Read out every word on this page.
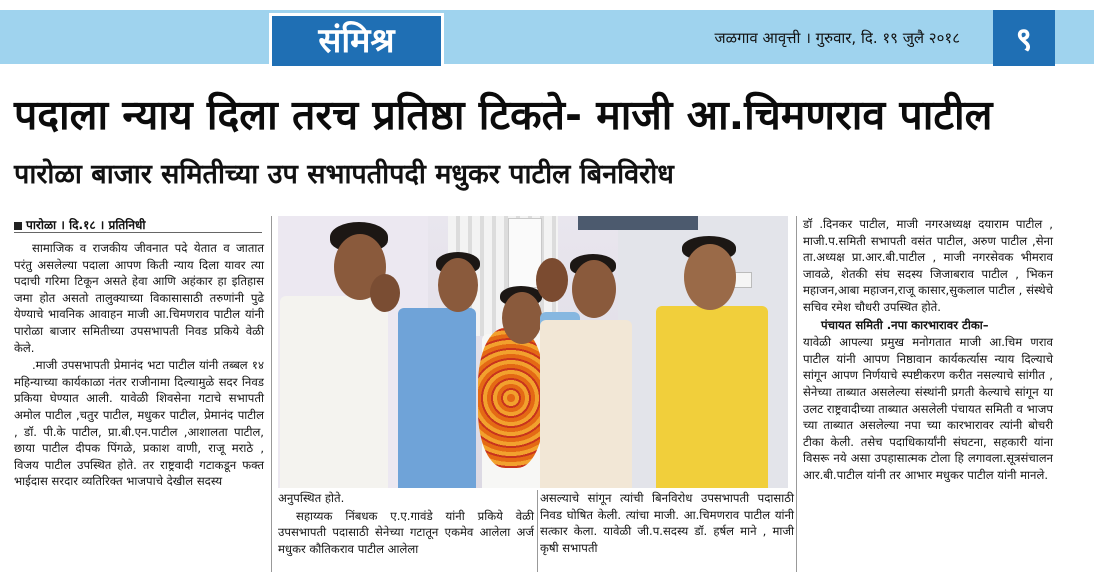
संमिश्र	जळगाव आवृत्ती । गुरुवार, दि. १९ जुलै २०१८	९
पदाला न्याय दिला तरच प्रतिष्ठा टिकते- माजी आ.चिमणराव पाटील
पारोळा बाजार समितीच्या उप सभापतीपदी मधुकर पाटील बिनविरोध
पारोळा । दि.१८ । प्रतिनिधी

सामाजिक व राजकीय जीवनात पदे येतात व जातात परंतु असलेल्या पदाला आपण किती न्याय दिला यावर त्या पदाची गरिमा टिकून असते हेवा आणि अहंकार हा इतिहास जमा होत असतो तालुक्याच्या विकासासाठी तरुणांनी पुढे येण्याचे भावनिक आवाहन माजी आ.चिमणराव पाटील यांनी पारोळा बाजार समितीच्या उपसभापती निवड प्रकिये वेळी केले.

.माजी उपसभापती प्रेमानंद भटा पाटील यांनी तब्बल १४ महिन्याच्या कार्यकाळा नंतर राजीनामा दिल्यामुळे सदर निवड प्रकिया घेण्यात आली. यावेळी शिवसेना गटाचे सभापती अमोल पाटील ,चतुर पाटील, मधुकर पाटील, प्रेमानंद पाटील , डॉ. पी.के पाटील, प्रा.बी.एन.पाटील ,आशालता पाटील, छाया पाटील दीपक पिंगळे, प्रकाश वाणी, राजू मराठे , विजय पाटील उपस्थित होते. तर राष्ट्रवादी गटाकडून फक्त भाईदास सरदार व्यतिरिक्त भाजपाचे देखील सदस्य

अनुपस्थित होते.

सहाय्यक निंबधक ए.ए.गावंडे यांनी प्रकिये वेळी उपसभापती पदासाठी सेनेच्या गटातून एकमेव आलेला अर्ज मधुकर कौतिकराव पाटील आलेला

असल्याचे सांगून त्यांची बिनविरोध उपसभापती पदासाठी निवड घोषित केली. त्यांचा माजी. आ.चिमणराव पाटील यांनी सत्कार केला. यावेळी जी.प.सदस्य डॉ. हर्षल माने , माजी कृषी सभापती

डॉ .दिनकर पाटील, माजी नगरअध्यक्ष दयाराम पाटील , माजी.प.समिती सभापती वसंत पाटील, अरुण पाटील ,सेना ता.अध्यक्ष प्रा.आर.बी.पाटील , माजी नगरसेवक भीमराव जावळे, शेतकी संघ सदस्य जिजाबराव पाटील , भिकन महाजन,आबा महाजन,राजू कासार,सुकलाल पाटील , संस्थेचे सचिव रमेश चौधरी उपस्थित होते.

पंचायत समिती .नपा कारभारावर टीका–

यावेळी आपल्या प्रमुख मनोगतात माजी आ.चिम णराव पाटील यांनी आपण निष्ठावान कार्यकर्त्यास न्याय दिल्याचे सांगून आपण निर्णयाचे स्पष्टीकरण करीत नसल्याचे सांगीत , सेनेच्या ताब्यात असलेल्या संस्थांनी प्रगती केल्याचे सांगून या उलट राष्ट्रवादीच्या ताब्यात असलेली पंचायत समिती व भाजप च्या ताब्यात असलेल्या नपा च्या कारभारावर त्यांनी बोचरी टीका केली. तसेच पदाधिकार्यांनी संघटना, सहकारी यांना विसरू नये असा उपहासात्मक टोला हि लगावला.सूत्रसंचालन आर.बी.पाटील यांनी तर आभार मधुकर पाटील यांनी मानले.
